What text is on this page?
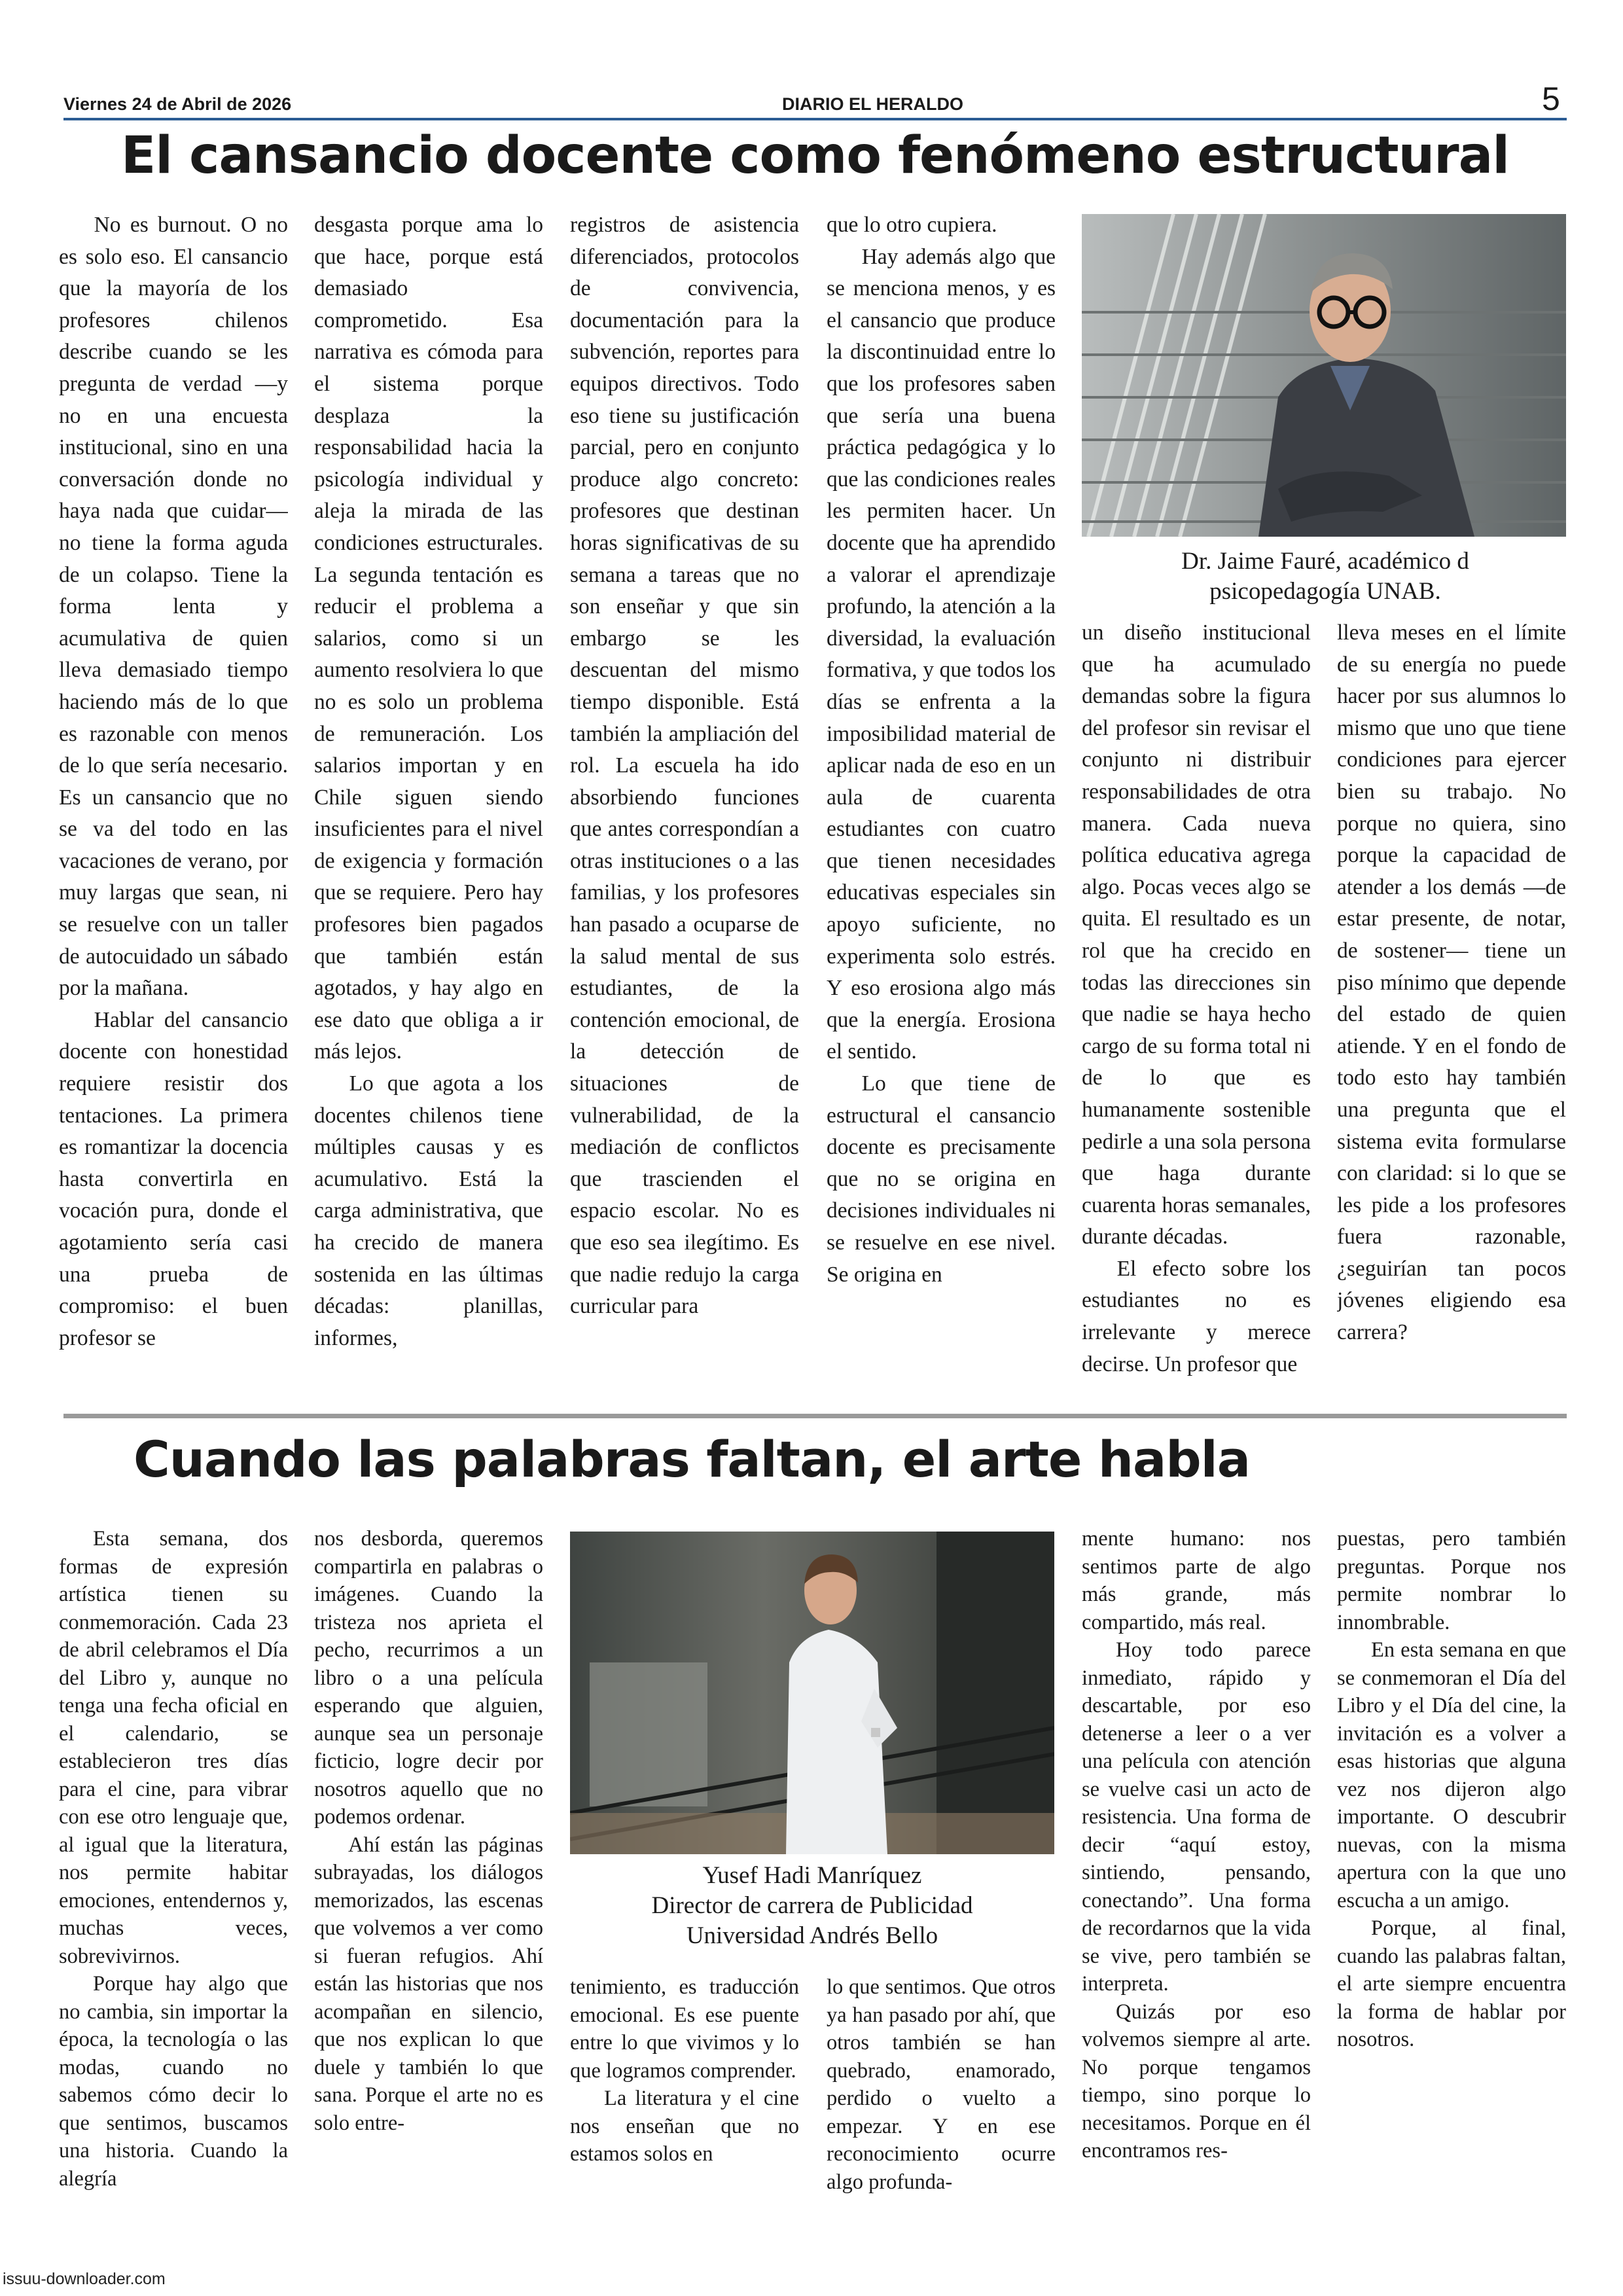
Viernes 24 de Abril de 2026	DIARIO EL HERALDO	5
El cansancio docente como fenómeno estructural

No es burnout. O no es solo eso. El cansancio que la mayoría de los profesores chilenos describe cuando se les pregunta de verdad —y no en una encuesta institucional, sino en una conversación donde no haya nada que cuidar— no tiene la forma aguda de un colapso. Tiene la forma lenta y acumulativa de quien lleva demasiado tiempo haciendo más de lo que es razonable con menos de lo que sería necesario. Es un cansancio que no se va del todo en las vacaciones de verano, por muy largas que sean, ni se resuelve con un taller de autocuidado un sábado por la mañana.

Hablar del cansancio docente con honestidad requiere resistir dos tentaciones. La primera es romantizar la docencia hasta convertirla en vocación pura, donde el agotamiento sería casi una prueba de compromiso: el buen profesor se

desgasta porque ama lo que hace, porque está demasiado comprometido. Esa narrativa es cómoda para el sistema porque desplaza la responsabilidad hacia la psicología individual y aleja la mirada de las condiciones estructurales. La segunda tentación es reducir el problema a salarios, como si un aumento resolviera lo que no es solo un problema de remuneración. Los salarios importan y en Chile siguen siendo insuficientes para el nivel de exigencia y formación que se requiere. Pero hay profesores bien pagados que también están agotados, y hay algo en ese dato que obliga a ir más lejos.

Lo que agota a los docentes chilenos tiene múltiples causas y es acumulativo. Está la carga administrativa, que ha crecido de manera sostenida en las últimas décadas: planillas, informes,

registros de asistencia diferenciados, protocolos de convivencia, documentación para la subvención, reportes para equipos directivos. Todo eso tiene su justificación parcial, pero en conjunto produce algo concreto: profesores que destinan horas significativas de su semana a tareas que no son enseñar y que sin embargo se les descuentan del mismo tiempo disponible. Está también la ampliación del rol. La escuela ha ido absorbiendo funciones que antes correspondían a otras instituciones o a las familias, y los profesores han pasado a ocuparse de la salud mental de sus estudiantes, de la contención emocional, de la detección de situaciones de vulnerabilidad, de la mediación de conflictos que trascienden el espacio escolar. No es que eso sea ilegítimo. Es que nadie redujo la carga curricular para

que lo otro cupiera.

Hay además algo que se menciona menos, y es el cansancio que produce la discontinuidad entre lo que los profesores saben que sería una buena práctica pedagógica y lo que las condiciones reales les permiten hacer. Un docente que ha aprendido a valorar el aprendizaje profundo, la atención a la diversidad, la evaluación formativa, y que todos los días se enfrenta a la imposibilidad material de aplicar nada de eso en un aula de cuarenta estudiantes con cuatro que tienen necesidades educativas especiales sin apoyo suficiente, no experimenta solo estrés. Y eso erosiona algo más que la energía. Erosiona el sentido.

Lo que tiene de estructural el cansancio docente es precisamente que no se origina en decisiones individuales ni se resuelve en ese nivel. Se origina en

Dr. Jaime Fauré, académico d psicopedagogía UNAB.

un diseño institucional que ha acumulado demandas sobre la figura del profesor sin revisar el conjunto ni distribuir responsabilidades de otra manera. Cada nueva política educativa agrega algo. Pocas veces algo se quita. El resultado es un rol que ha crecido en todas las direcciones sin que nadie se haya hecho cargo de su forma total ni de lo que es humanamente sostenible pedirle a una sola persona que haga durante cuarenta horas semanales, durante décadas.

El efecto sobre los estudiantes no es irrelevante y merece decirse. Un profesor que

lleva meses en el límite de su energía no puede hacer por sus alumnos lo mismo que uno que tiene condiciones para ejercer bien su trabajo. No porque no quiera, sino porque la capacidad de atender a los demás —de estar presente, de notar, de sostener— tiene un piso mínimo que depende del estado de quien atiende. Y en el fondo de todo esto hay también una pregunta que el sistema evita formularse con claridad: si lo que se les pide a los profesores fuera razonable, ¿seguirían tan pocos jóvenes eligiendo esa carrera?

Cuando las palabras faltan, el arte habla

Esta semana, dos formas de expresión artística tienen su conmemoración. Cada 23 de abril celebramos el Día del Libro y, aunque no tenga una fecha oficial en el calendario, se establecieron tres días para el cine, para vibrar con ese otro lenguaje que, al igual que la literatura, nos permite habitar emociones, entendernos y, muchas veces, sobrevivirnos.

Porque hay algo que no cambia, sin importar la época, la tecnología o las modas, cuando no sabemos cómo decir lo que sentimos, buscamos una historia. Cuando la alegría

nos desborda, queremos compartirla en palabras o imágenes. Cuando la tristeza nos aprieta el pecho, recurrimos a un libro o a una película esperando que alguien, aunque sea un personaje ficticio, logre decir por nosotros aquello que no podemos ordenar.

Ahí están las páginas subrayadas, los diálogos memorizados, las escenas que volvemos a ver como si fueran refugios. Ahí están las historias que nos acompañan en silencio, que nos explican lo que duele y también lo que sana. Porque el arte no es solo entre-

Yusef Hadi Manríquez
Director de carrera de Publicidad
Universidad Andrés Bello

tenimiento, es traducción emocional. Es ese puente entre lo que vivimos y lo que logramos comprender.

La literatura y el cine nos enseñan que no estamos solos en

lo que sentimos. Que otros ya han pasado por ahí, que otros también se han quebrado, enamorado, perdido o vuelto a empezar. Y en ese reconocimiento ocurre algo profunda-

mente humano: nos sentimos parte de algo más grande, más compartido, más real.

Hoy todo parece inmediato, rápido y descartable, por eso detenerse a leer o a ver una película con atención se vuelve casi un acto de resistencia. Una forma de decir “aquí estoy, sintiendo, pensando, conectando”. Una forma de recordarnos que la vida se vive, pero también se interpreta.

Quizás por eso volvemos siempre al arte. No porque tengamos tiempo, sino porque lo necesitamos. Porque en él encontramos res-

puestas, pero también preguntas. Porque nos permite nombrar lo innombrable.

En esta semana en que se conmemoran el Día del Libro y el Día del cine, la invitación es a volver a esas historias que alguna vez nos dijeron algo importante. O descubrir nuevas, con la misma apertura con la que uno escucha a un amigo.

Porque, al final, cuando las palabras faltan, el arte siempre encuentra la forma de hablar por nosotros.

issuu-downloader.com
